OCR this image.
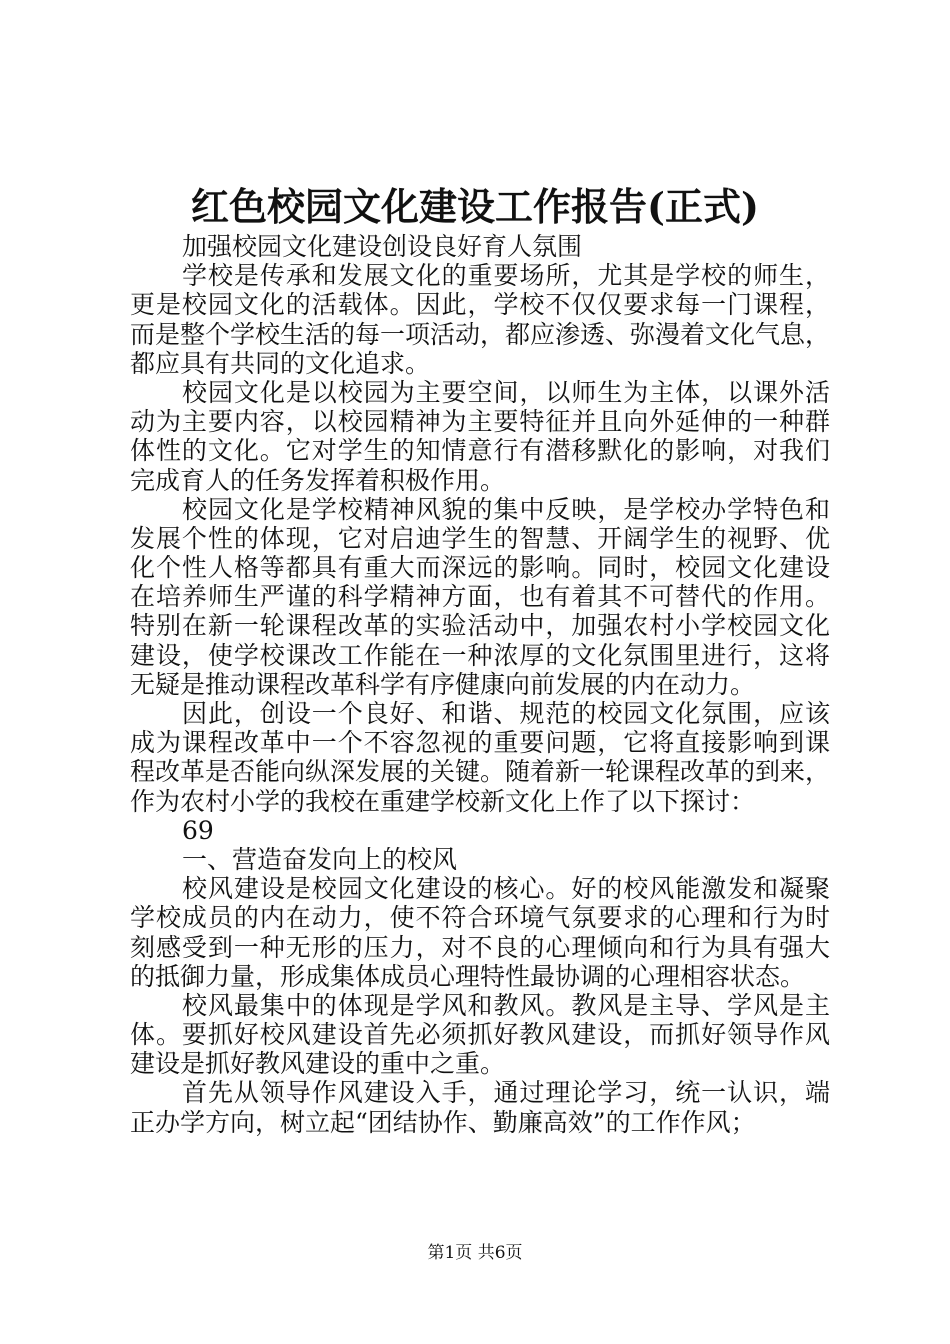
红色校园文化建设工作报告(正式)

加强校园文化建设创设良好育人氛围

学校是传承和发展文化的重要场所，尤其是学校的师生，

更是校园文化的活载体。因此，学校不仅仅要求每一门课程，

而是整个学校生活的每一项活动，都应渗透、弥漫着文化气息，

都应具有共同的文化追求。

校园文化是以校园为主要空间，以师生为主体，以课外活

动为主要内容，以校园精神为主要特征并且向外延伸的一种群

体性的文化。它对学生的知情意行有潜移默化的影响，对我们

完成育人的任务发挥着积极作用。

校园文化是学校精神风貌的集中反映，是学校办学特色和

发展个性的体现，它对启迪学生的智慧、开阔学生的视野、优

化个性人格等都具有重大而深远的影响。同时，校园文化建设

在培养师生严谨的科学精神方面，也有着其不可替代的作用。

特别在新一轮课程改革的实验活动中，加强农村小学校园文化

建设，使学校课改工作能在一种浓厚的文化氛围里进行，这将

无疑是推动课程改革科学有序健康向前发展的内在动力。

因此，创设一个良好、和谐、规范的校园文化氛围，应该

成为课程改革中一个不容忽视的重要问题，它将直接影响到课

程改革是否能向纵深发展的关键。随着新一轮课程改革的到来，

作为农村小学的我校在重建学校新文化上作了以下探讨：

69

一、营造奋发向上的校风

校风建设是校园文化建设的核心。好的校风能激发和凝聚

学校成员的内在动力，使不符合环境气氛要求的心理和行为时

刻感受到一种无形的压力，对不良的心理倾向和行为具有强大

的抵御力量，形成集体成员心理特性最协调的心理相容状态。

校风最集中的体现是学风和教风。教风是主导、学风是主

体。要抓好校风建设首先必须抓好教风建设，而抓好领导作风

建设是抓好教风建设的重中之重。

首先从领导作风建设入手，通过理论学习，统一认识，端

正办学方向，树立起“团结协作、勤廉高效”的工作作风；

第1页 共6页
